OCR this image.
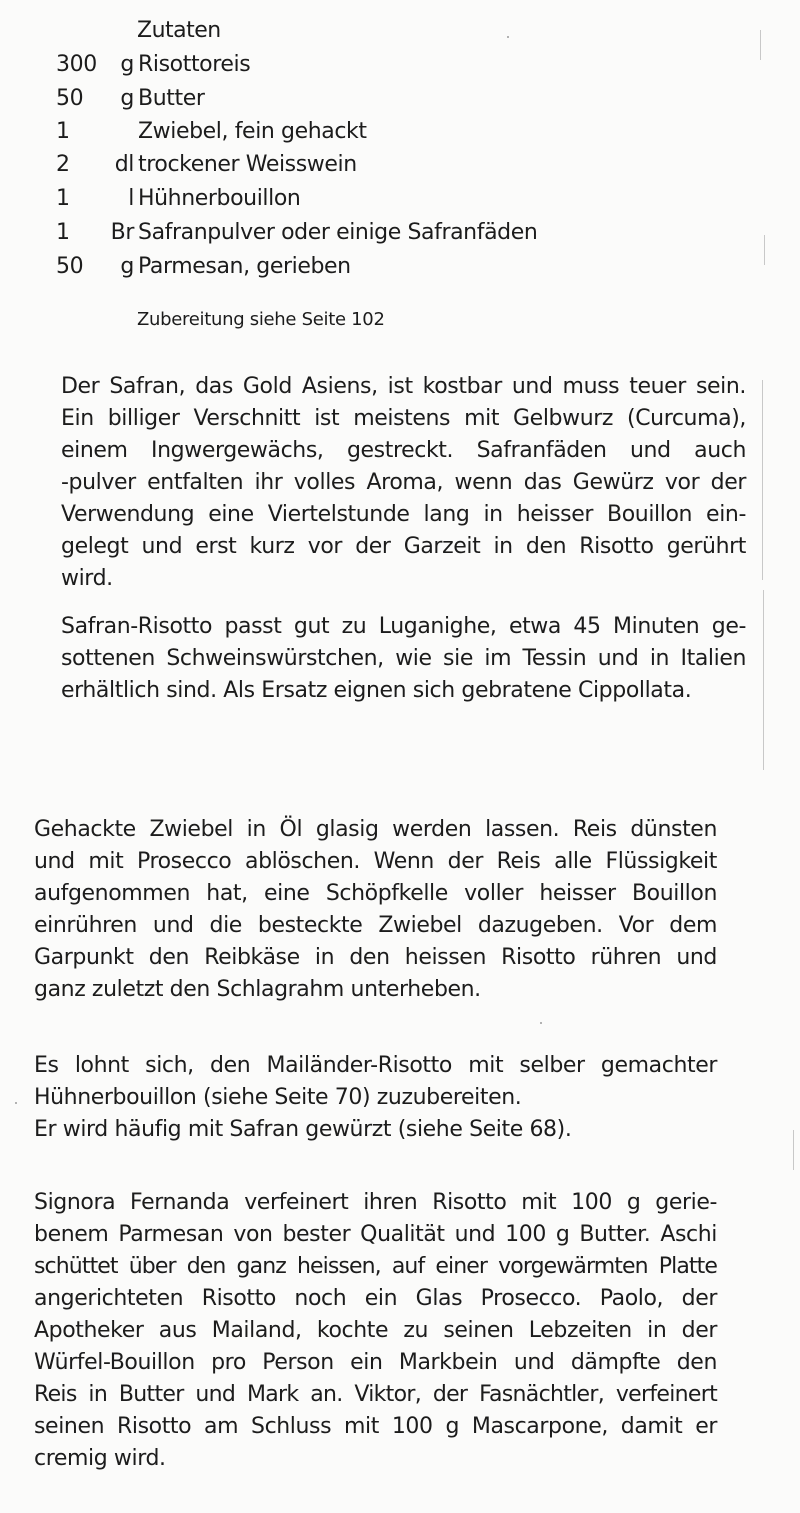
Zutaten
300	g Risottoreis
50	g Butter
1	Zwiebel, fein gehackt
2	dl trockener Weisswein
1	l Hühnerbouillon
1	Br Safranpulver oder einige Safranfäden
50	g Parmesan, gerieben
Zubereitung siehe Seite 102
Der Safran, das Gold Asiens, ist kostbar und muss teuer sein.
Ein billiger Verschnitt ist meistens mit Gelbwurz (Curcuma),
einem Ingwergewächs, gestreckt. Safranfäden und auch
-pulver entfalten ihr volles Aroma, wenn das Gewürz vor der
Verwendung eine Viertelstunde lang in heisser Bouillon ein-
gelegt und erst kurz vor der Garzeit in den Risotto gerührt
wird.
Safran-Risotto passt gut zu Luganighe, etwa 45 Minuten ge-
sottenen Schweinswürstchen, wie sie im Tessin und in Italien
erhältlich sind. Als Ersatz eignen sich gebratene Cippollata.
Gehackte Zwiebel in Öl glasig werden lassen. Reis dünsten
und mit Prosecco ablöschen. Wenn der Reis alle Flüssigkeit
aufgenommen hat, eine Schöpfkelle voller heisser Bouillon
einrühren und die besteckte Zwiebel dazugeben. Vor dem
Garpunkt den Reibkäse in den heissen Risotto rühren und
ganz zuletzt den Schlagrahm unterheben.
Es lohnt sich, den Mailänder-Risotto mit selber gemachter
Hühnerbouillon (siehe Seite 70) zuzubereiten.
Er wird häufig mit Safran gewürzt (siehe Seite 68).
Signora Fernanda verfeinert ihren Risotto mit 100 g gerie-
benem Parmesan von bester Qualität und 100 g Butter. Aschi
schüttet über den ganz heissen, auf einer vorgewärmten Platte
angerichteten Risotto noch ein Glas Prosecco. Paolo, der
Apotheker aus Mailand, kochte zu seinen Lebzeiten in der
Würfel-Bouillon pro Person ein Markbein und dämpfte den
Reis in Butter und Mark an. Viktor, der Fasnächtler, verfeinert
seinen Risotto am Schluss mit 100 g Mascarpone, damit er
cremig wird.
